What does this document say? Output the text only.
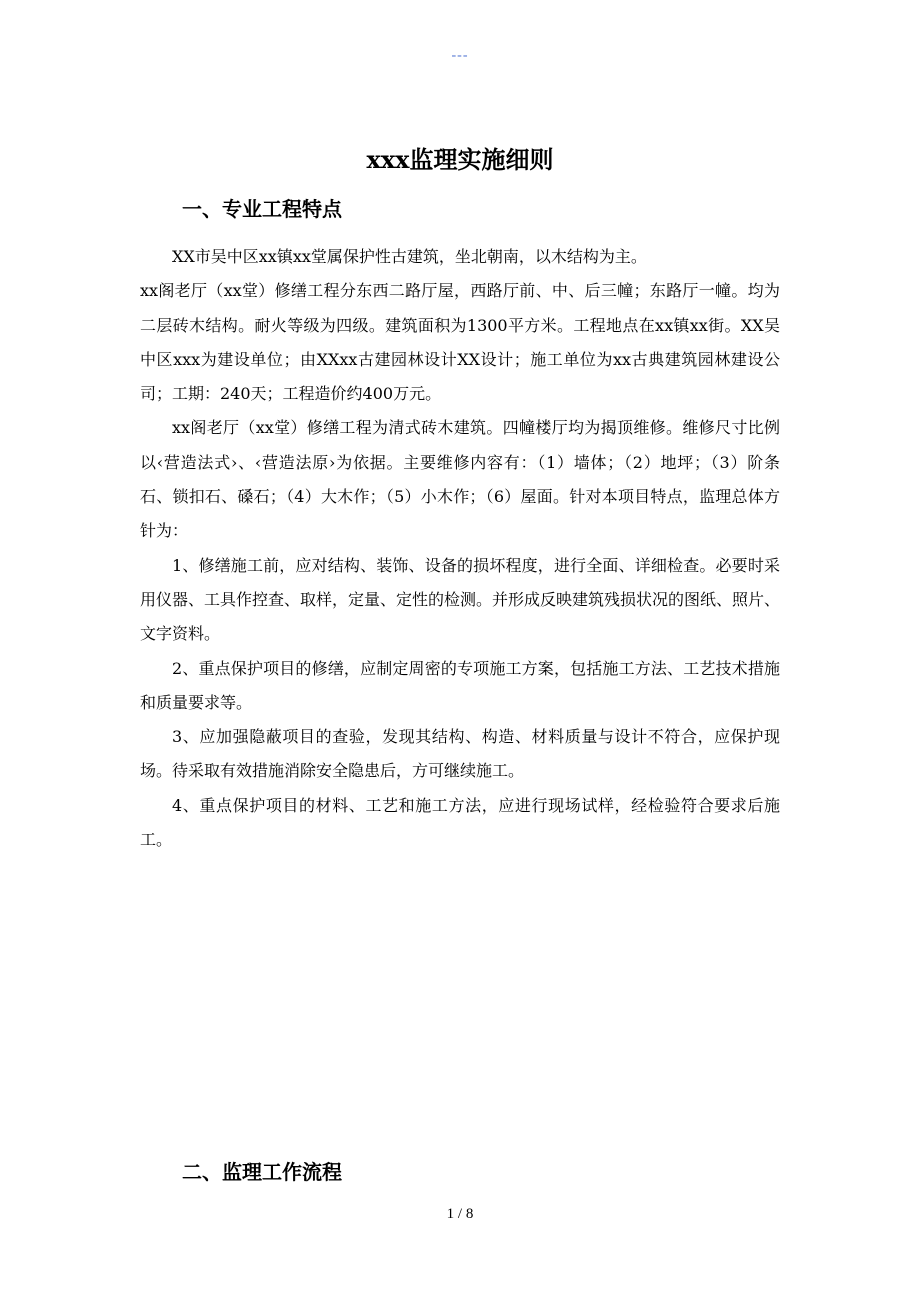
---
xxx监理实施细则
一、专业工程特点

XX市吴中区xx镇xx堂属保护性古建筑，坐北朝南，以木结构为主。

xx阁老厅（xx堂）修缮工程分东西二路厅屋，西路厅前、中、后三幢；东路厅一幢。均为二层砖木结构。耐火等级为四级。建筑面积为1300平方米。工程地点在xx镇xx街。XX吴中区xxx为建设单位；由XXxx古建园林设计XX设计；施工单位为xx古典建筑园林建设公司；工期：240天；工程造价约400万元。

xx阁老厅（xx堂）修缮工程为清式砖木建筑。四幢楼厅均为揭顶维修。维修尺寸比例以‹营造法式›、‹营造法原›为依据。主要维修内容有：（1）墙体；（2）地坪；（3）阶条石、锁扣石、磉石；（4）大木作；（5）小木作；（6）屋面。针对本项目特点，监理总体方针为：

1、修缮施工前，应对结构、装饰、设备的损坏程度，进行全面、详细检查。必要时采用仪器、工具作控查、取样，定量、定性的检测。并形成反映建筑残损状况的图纸、照片、文字资料。

2、重点保护项目的修缮，应制定周密的专项施工方案，包括施工方法、工艺技术措施和质量要求等。

3、应加强隐蔽项目的查验，发现其结构、构造、材料质量与设计不符合，应保护现场。待采取有效措施消除安全隐患后，方可继续施工。

4、重点保护项目的材料、工艺和施工方法，应进行现场试样，经检验符合要求后施工。

二、监理工作流程
1 / 8
